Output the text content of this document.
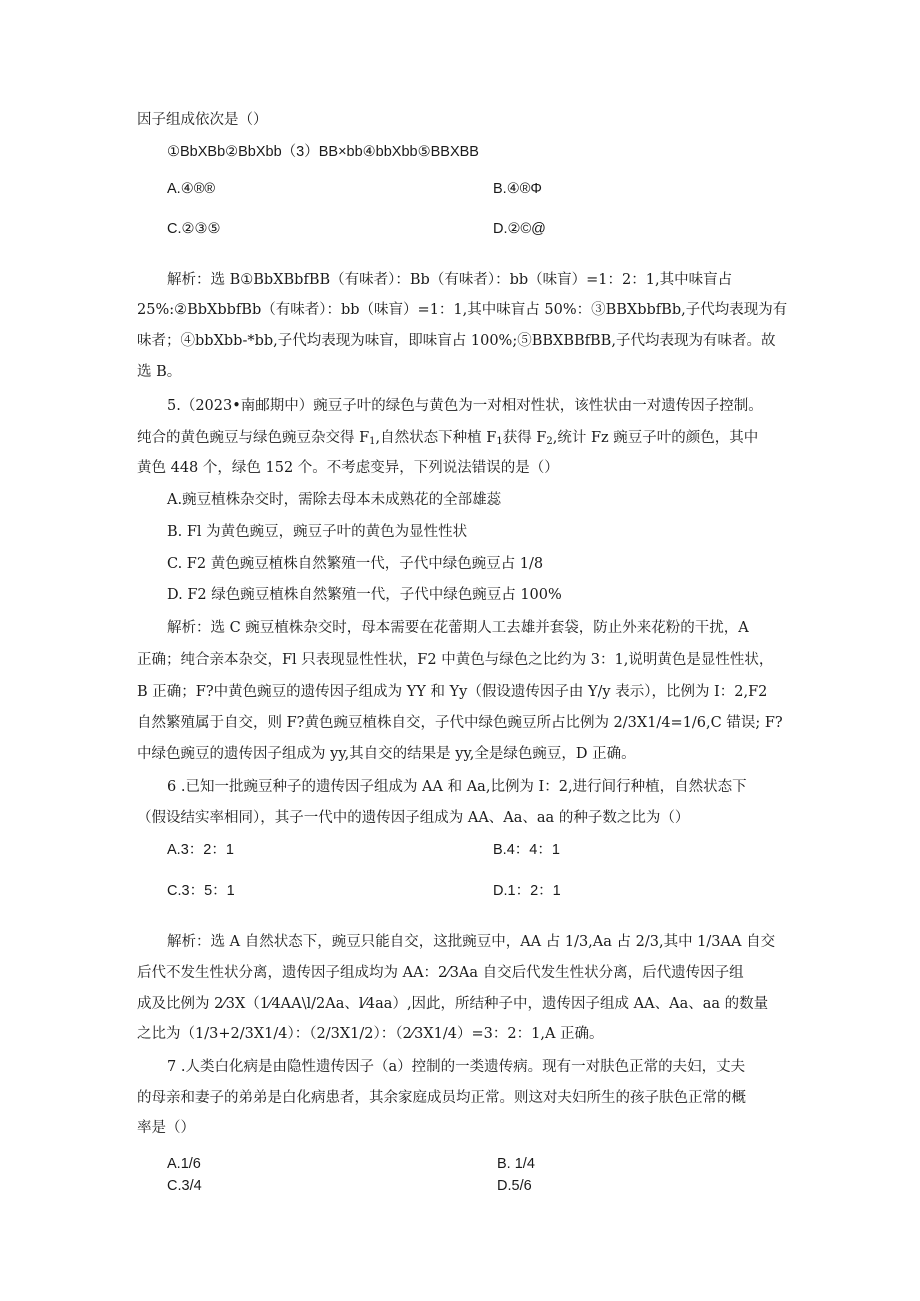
因子组成依次是（）
①BbXBb②BbXbb（3）BB×bb④bbXbb⑤BBXBB
A.④®®	B.④®Φ
C.②③⑤	D.②©@
解析：选 B①BbXBbfBB（有味者）：Bb（有味者）：bb（味盲）=1：2：1,其中味盲占
25%:②BbXbbfBb（有味者）：bb（味盲）=1：1,其中味盲占 50%：③BBXbbfBb,子代均表现为有
味者；④bbXbb-*bb,子代均表现为味盲，即味盲占 100%;⑤BBXBBfBB,子代均表现为有味者。故
选 B。
5.（2023•南邮期中）豌豆子叶的绿色与黄色为一对相对性状，该性状由一对遗传因子控制。
纯合的黄色豌豆与绿色豌豆杂交得 $F_1$,自然状态下种植 $F_1$获得 $F_2$,统计 Fz 豌豆子叶的颜色，其中
黄色 448 个，绿色 152 个。不考虑变异，下列说法错误的是（）
A.豌豆植株杂交时，需除去母本未成熟花的全部雄蕊
B. Fl 为黄色豌豆，豌豆子叶的黄色为显性性状
C. F2 黄色豌豆植株自然繁殖一代，子代中绿色豌豆占 1/8
D. F2 绿色豌豆植株自然繁殖一代，子代中绿色豌豆占 100%
解析：选 C 豌豆植株杂交时，母本需要在花蕾期人工去雄并套袋，防止外来花粉的干扰，A
正确；纯合亲本杂交，Fl 只表现显性性状，F2 中黄色与绿色之比约为 3：1,说明黄色是显性性状，
B 正确；F?中黄色豌豆的遗传因子组成为 YY 和 Yy（假设遗传因子由 Y/y 表示），比例为 I：2,F2
自然繁殖属于自交，则 F?黄色豌豆植株自交，子代中绿色豌豆所占比例为 2/3X1/4=1/6,C 错误; F?
中绿色豌豆的遗传因子组成为 yy,其自交的结果是 yy,全是绿色豌豆，D 正确。
6 .已知一批豌豆种子的遗传因子组成为 AA 和 Aa,比例为 I：2,进行间行种植，自然状态下
（假设结实率相同），其子一代中的遗传因子组成为 AA、Aa、aa 的种子数之比为（）
A.3：2：1	B.4：4：1
C.3：5：1	D.1：2：1
解析：选 A 自然状态下，豌豆只能自交，这批豌豆中，AA 占 1/3,Aa 占 2/3,其中 1/3AA 自交
后代不发生性状分离，遗传因子组成均为 AA：2⁄3Aa 自交后代发生性状分离，后代遗传因子组
成及比例为 2⁄3X（1⁄4AA\l/2Aa、l⁄4aa）,因此，所结种子中，遗传因子组成 AA、Aa、aa 的数量
之比为（1/3+2/3X1/4）：（2/3X1/2）：（2⁄3X1/4）=3：2：1,A 正确。
7 .人类白化病是由隐性遗传因子（a）控制的一类遗传病。现有一对肤色正常的夫妇，丈夫
的母亲和妻子的弟弟是白化病患者，其余家庭成员均正常。则这对夫妇所生的孩子肤色正常的概
率是（）
A.1/6	B. 1/4
C.3/4	D.5/6
